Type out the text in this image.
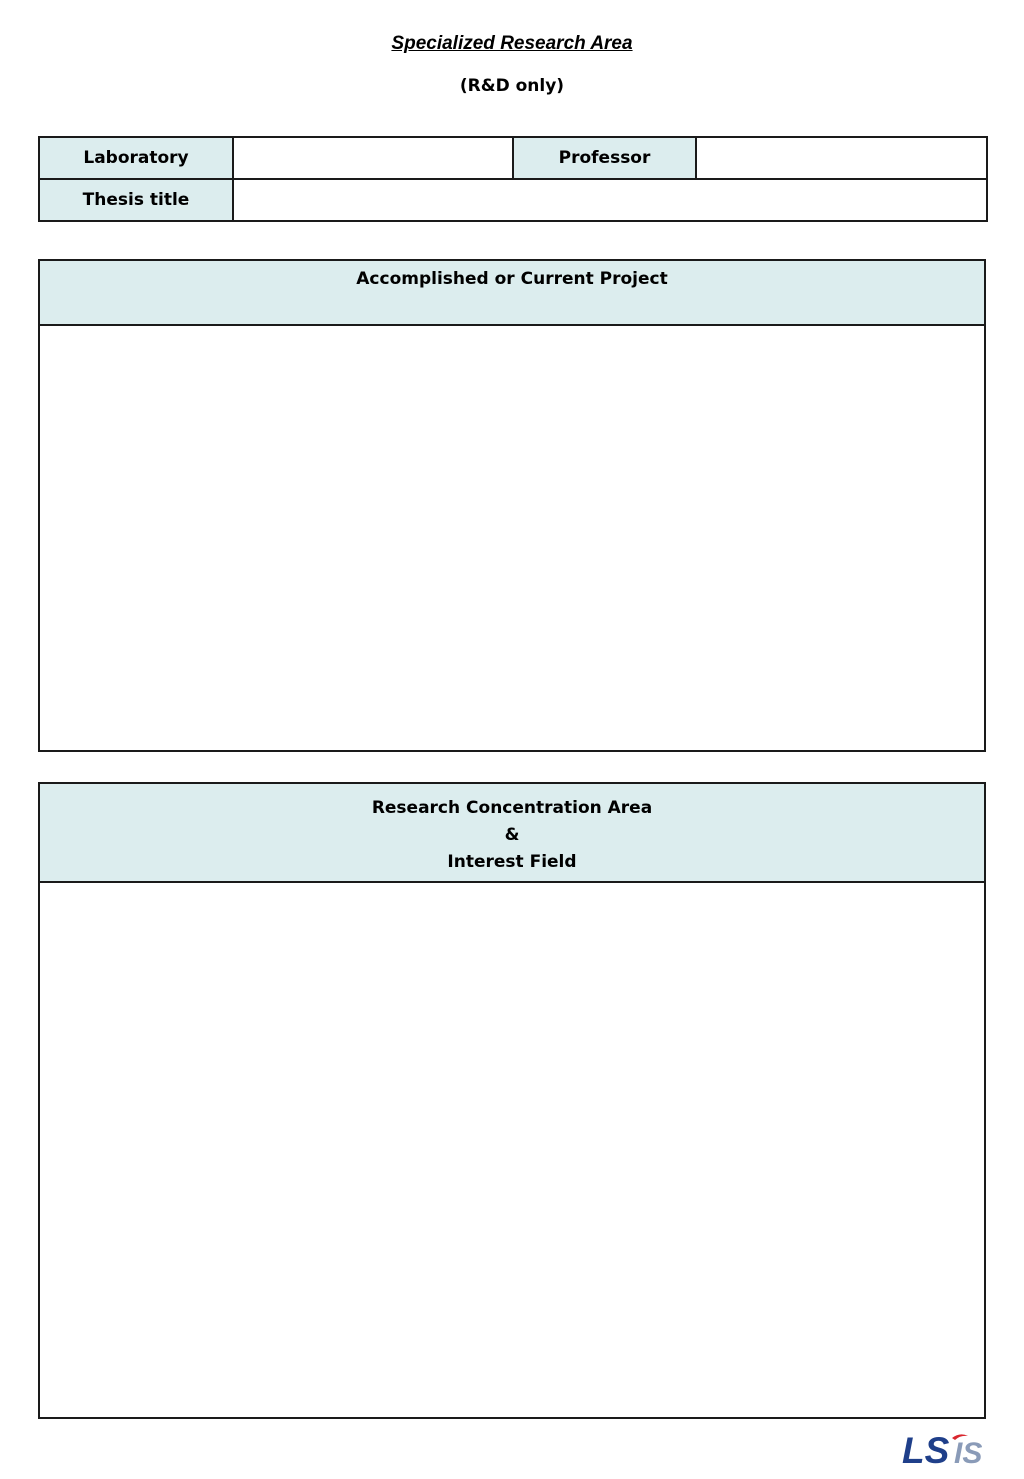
Specialized Research Area
(R&D only)
Laboratory		Professor	
Thesis title			
Accomplished or Current Project
Research Concentration Area
&
Interest Field
LS IS
